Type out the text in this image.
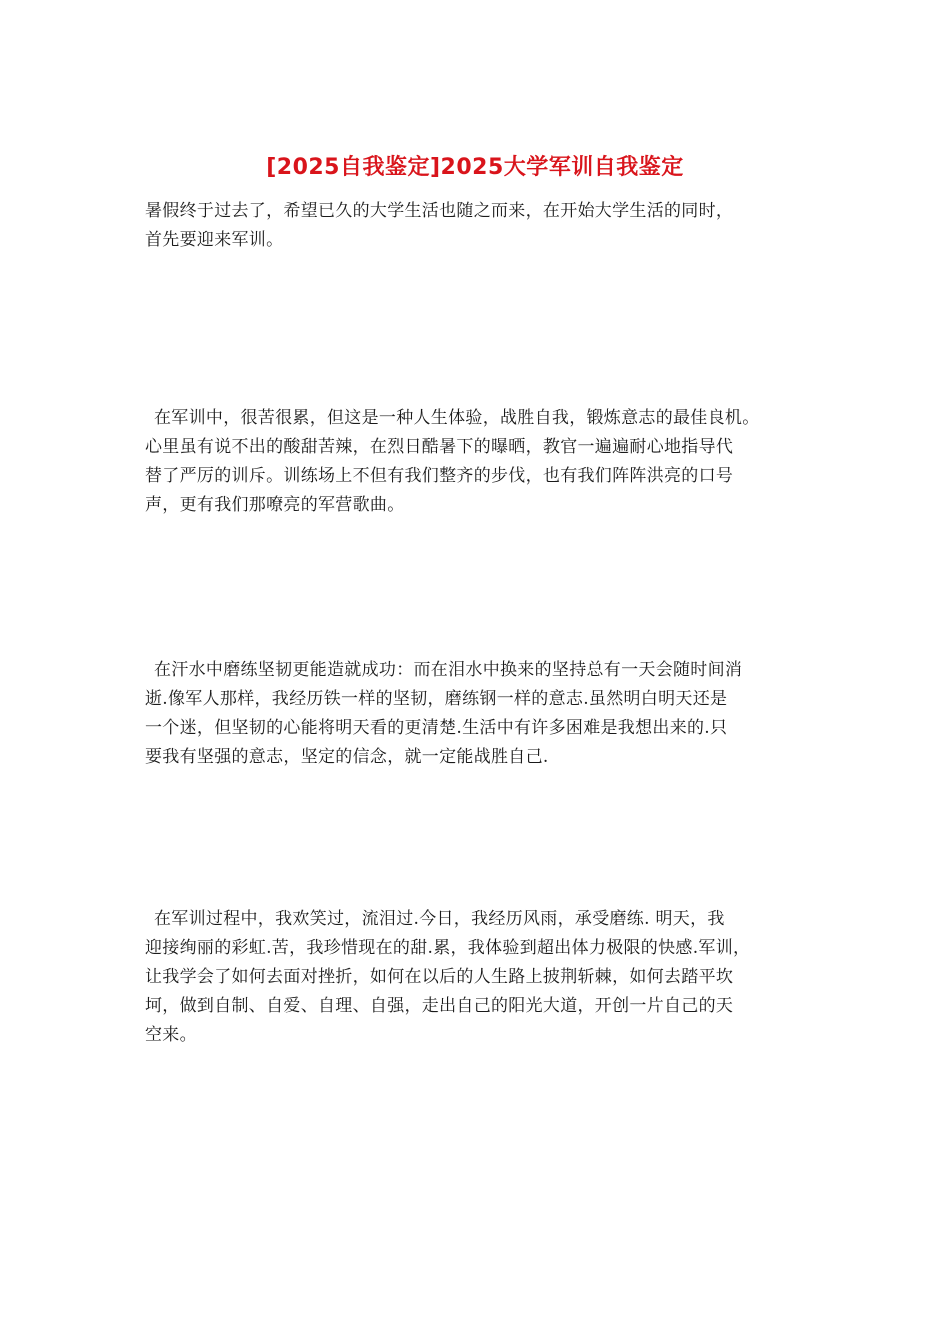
[2025自我鉴定]2025大学军训自我鉴定
暑假终于过去了，希望已久的大学生活也随之而来，在开始大学生活的同时，
首先要迎来军训。
在军训中，很苦很累，但这是一种人生体验，战胜自我，锻炼意志的最佳良机。
心里虽有说不出的酸甜苦辣，在烈日酷暑下的曝晒，教官一遍遍耐心地指导代
替了严厉的训斥。训练场上不但有我们整齐的步伐，也有我们阵阵洪亮的口号
声，更有我们那嘹亮的军营歌曲。
在汗水中磨练坚韧更能造就成功：而在泪水中换来的坚持总有一天会随时间消
逝.像军人那样，我经历铁一样的坚韧，磨练钢一样的意志.虽然明白明天还是
一个迷，但坚韧的心能将明天看的更清楚.生活中有许多困难是我想出来的.只
要我有坚强的意志，坚定的信念，就一定能战胜自己.
在军训过程中，我欢笑过，流泪过.今日，我经历风雨，承受磨练. 明天，我
迎接绚丽的彩虹.苦，我珍惜现在的甜.累，我体验到超出体力极限的快感.军训，
让我学会了如何去面对挫折，如何在以后的人生路上披荆斩棘，如何去踏平坎
坷，做到自制、自爱、自理、自强，走出自己的阳光大道，开创一片自己的天
空来。
